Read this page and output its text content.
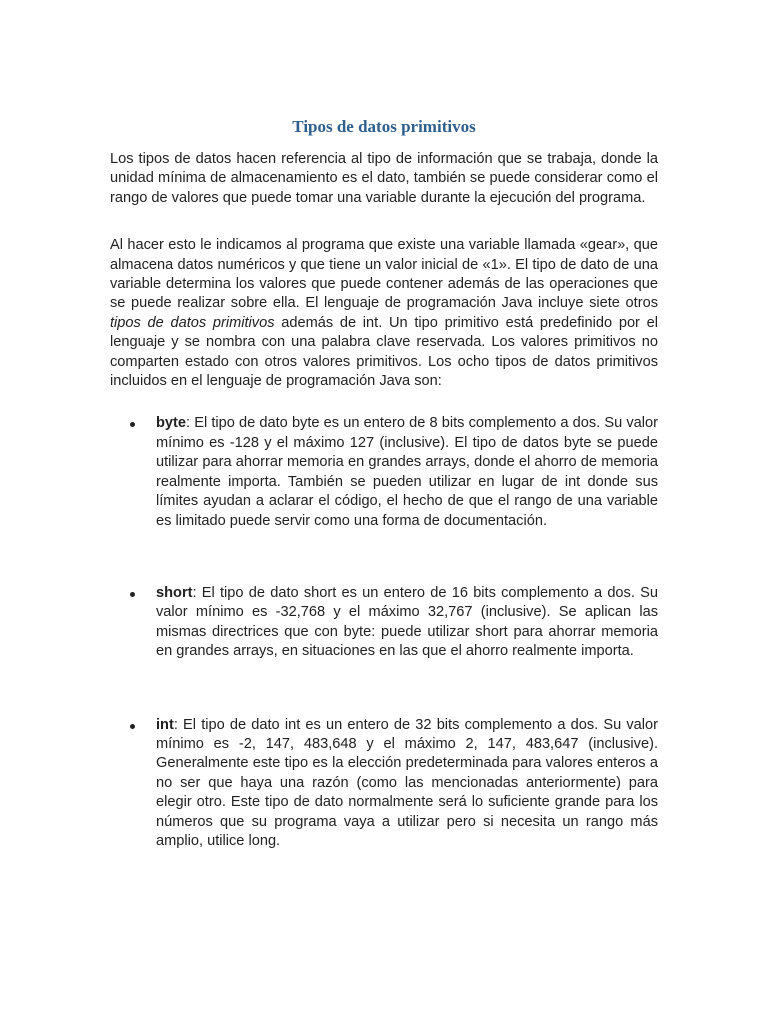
Tipos de datos primitivos

Los tipos de datos hacen referencia al tipo de información que se trabaja, donde la unidad mínima de almacenamiento es el dato, también se puede considerar como el rango de valores que puede tomar una variable durante la ejecución del programa.

Al hacer esto le indicamos al programa que existe una variable llamada «gear», que almacena datos numéricos y que tiene un valor inicial de «1». El tipo de dato de una variable determina los valores que puede contener además de las operaciones que se puede realizar sobre ella. El lenguaje de programación Java incluye siete otros tipos de datos primitivos además de int. Un tipo primitivo está predefinido por el lenguaje y se nombra con una palabra clave reservada. Los valores primitivos no comparten estado con otros valores primitivos. Los ocho tipos de datos primitivos incluidos en el lenguaje de programación Java son:

byte: El tipo de dato byte es un entero de 8 bits complemento a dos. Su valor mínimo es -128 y el máximo 127 (inclusive). El tipo de datos byte se puede utilizar para ahorrar memoria en grandes arrays, donde el ahorro de memoria realmente importa. También se pueden utilizar en lugar de int donde sus límites ayudan a aclarar el código, el hecho de que el rango de una variable es limitado puede servir como una forma de documentación.
short: El tipo de dato short es un entero de 16 bits complemento a dos. Su valor mínimo es -32,768 y el máximo 32,767 (inclusive). Se aplican las mismas directrices que con byte: puede utilizar short para ahorrar memoria en grandes arrays, en situaciones en las que el ahorro realmente importa.
int: El tipo de dato int es un entero de 32 bits complemento a dos. Su valor mínimo es -2, 147, 483,648 y el máximo 2, 147, 483,647 (inclusive). Generalmente este tipo es la elección predeterminada para valores enteros a no ser que haya una razón (como las mencionadas anteriormente) para elegir otro. Este tipo de dato normalmente será lo suficiente grande para los números que su programa vaya a utilizar pero si necesita un rango más amplio, utilice long.
